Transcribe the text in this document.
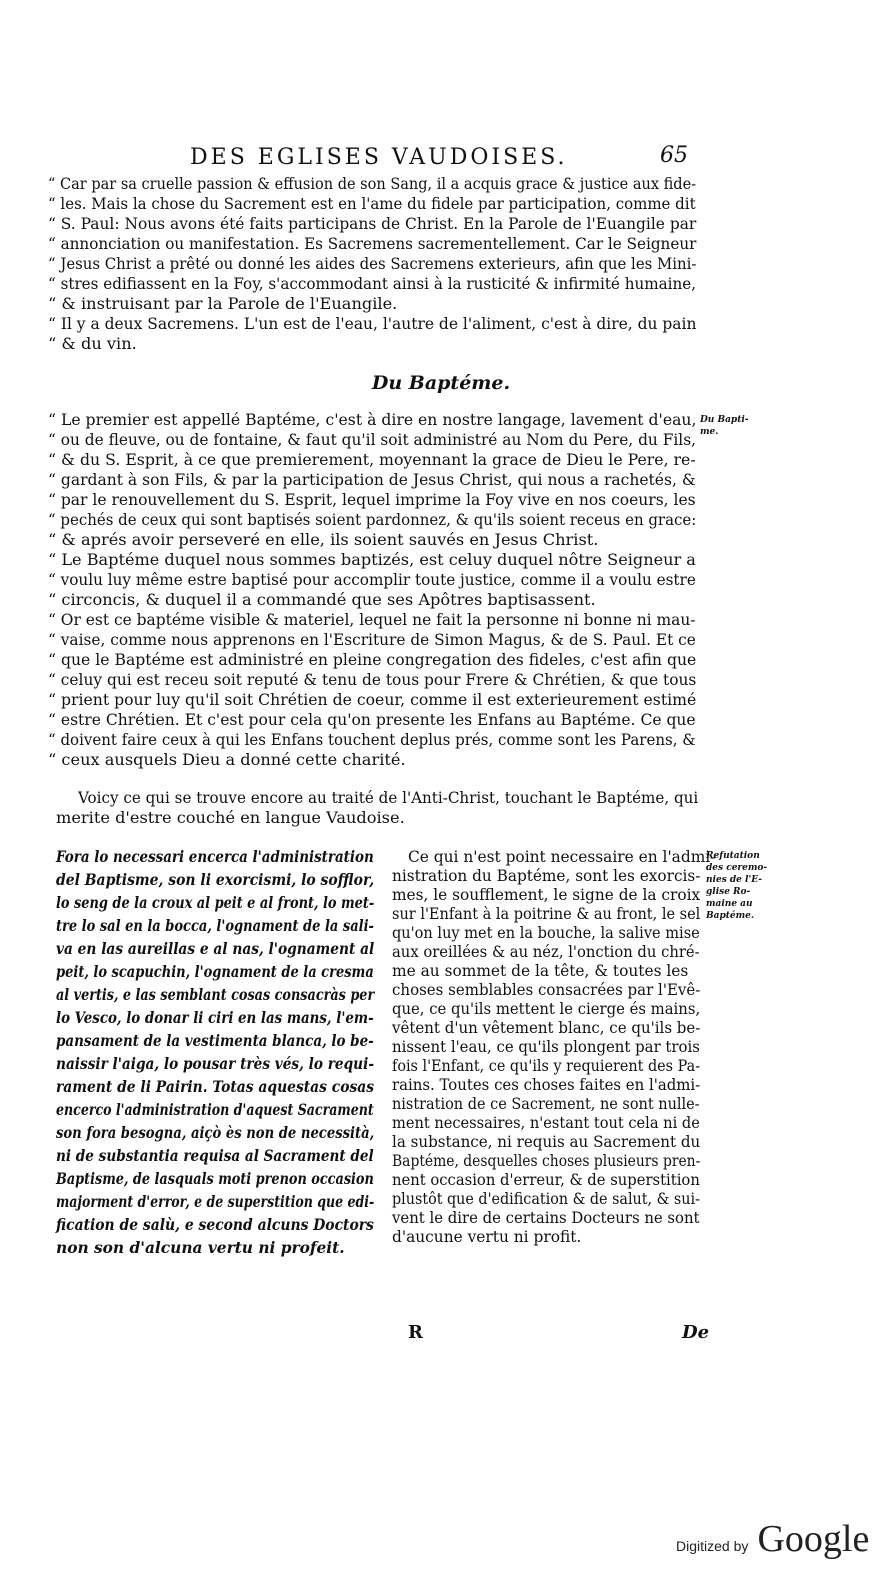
DES EGLISES VAUDOISES.	65
“ Car par sa cruelle passion & effusion de son Sang, il a acquis grace & justice aux fide-
“ les. Mais la chose du Sacrement est en l'ame du fidele par participation, comme dit
“ S. Paul: Nous avons été faits participans de Christ. En la Parole de l'Euangile par
“ annonciation ou manifestation. Es Sacremens sacrementellement. Car le Seigneur
“ Jesus Christ a prêté ou donné les aides des Sacremens exterieurs, afin que les Mini-
“ stres edifiassent en la Foy, s'accommodant ainsi à la rusticité & infirmité humaine,
“ & instruisant par la Parole de l'Euangile.
“ Il y a deux Sacremens. L'un est de l'eau, l'autre de l'aliment, c'est à dire, du pain
“ & du vin.
Du Baptéme.
“ Le premier est appellé Baptéme, c'est à dire en nostre langage, lavement d'eau,
“ ou de fleuve, ou de fontaine, & faut qu'il soit administré au Nom du Pere, du Fils,
“ & du S. Esprit, à ce que premierement, moyennant la grace de Dieu le Pere, re-
“ gardant à son Fils, & par la participation de Jesus Christ, qui nous a rachetés, &
“ par le renouvellement du S. Esprit, lequel imprime la Foy vive en nos coeurs, les
“ pechés de ceux qui sont baptisés soient pardonnez, & qu'ils soient receus en grace:
“ & aprés avoir perseveré en elle, ils soient sauvés en Jesus Christ.
“ Le Baptéme duquel nous sommes baptizés, est celuy duquel nôtre Seigneur a
“ voulu luy même estre baptisé pour accomplir toute justice, comme il a voulu estre
“ circoncis, & duquel il a commandé que ses Apôtres baptisassent.
“ Or est ce baptéme visible & materiel, lequel ne fait la personne ni bonne ni mau-
“ vaise, comme nous apprenons en l'Escriture de Simon Magus, & de S. Paul. Et ce
“ que le Baptéme est administré en pleine congregation des fideles, c'est afin que
“ celuy qui est receu soit reputé & tenu de tous pour Frere & Chrétien, & que tous
“ prient pour luy qu'il soit Chrétien de coeur, comme il est exterieurement estimé
“ estre Chrétien. Et c'est pour cela qu'on presente les Enfans au Baptéme. Ce que
“ doivent faire ceux à qui les Enfans touchent deplus prés, comme sont les Parens, &
“ ceux ausquels Dieu a donné cette charité.
Du Bapti-
me.
Voicy ce qui se trouve encore au traité de l'Anti-Christ, touchant le Baptéme, qui
merite d'estre couché en langue Vaudoise.
Fora lo necessari encerca l'administration
del Baptisme, son li exorcismi, lo sofflor,
lo seng de la croux al peit e al front, lo met-
tre lo sal en la bocca, l'ognament de la sali-
va en las aureillas e al nas, l'ognament al
peit, lo scapuchin, l'ognament de la cresma
al vertis, e las semblant cosas consacràs per
lo Vesco, lo donar li ciri en las mans, l'em-
pansament de la vestimenta blanca, lo be-
naissir l'aiga, lo pousar très vés, lo requi-
rament de li Pairin. Totas aquestas cosas
encerco l'administration d'aquest Sacrament
son fora besogna, aiçò ès non de necessità,
ni de substantia requisa al Sacrament del
Baptisme, de lasquals moti prenon occasion
majorment d'error, e de superstition que edi-
fication de salù, e second alcuns Doctors
non son d'alcuna vertu ni profeit.
Ce qui n'est point necessaire en l'admi-
nistration du Baptéme, sont les exorcis-
mes, le soufflement, le signe de la croix
sur l'Enfant à la poitrine & au front, le sel
qu'on luy met en la bouche, la salive mise
aux oreillées & au néz, l'onction du chré-
me au sommet de la tête, & toutes les
choses semblables consacrées par l'Evê-
que, ce qu'ils mettent le cierge és mains,
vêtent d'un vêtement blanc, ce qu'ils be-
nissent l'eau, ce qu'ils plongent par trois
fois l'Enfant, ce qu'ils y requierent des Pa-
rains. Toutes ces choses faites en l'admi-
nistration de ce Sacrement, ne sont nulle-
ment necessaires, n'estant tout cela ni de
la substance, ni requis au Sacrement du
Baptéme, desquelles choses plusieurs pren-
nent occasion d'erreur, & de superstition
plustôt que d'edification & de salut, & sui-
vent le dire de certains Docteurs ne sont
d'aucune vertu ni profit.
Refutation
des ceremo-
nies de l'E-
glise Ro-
maine au
Baptéme.
R	De
Digitized by Google
